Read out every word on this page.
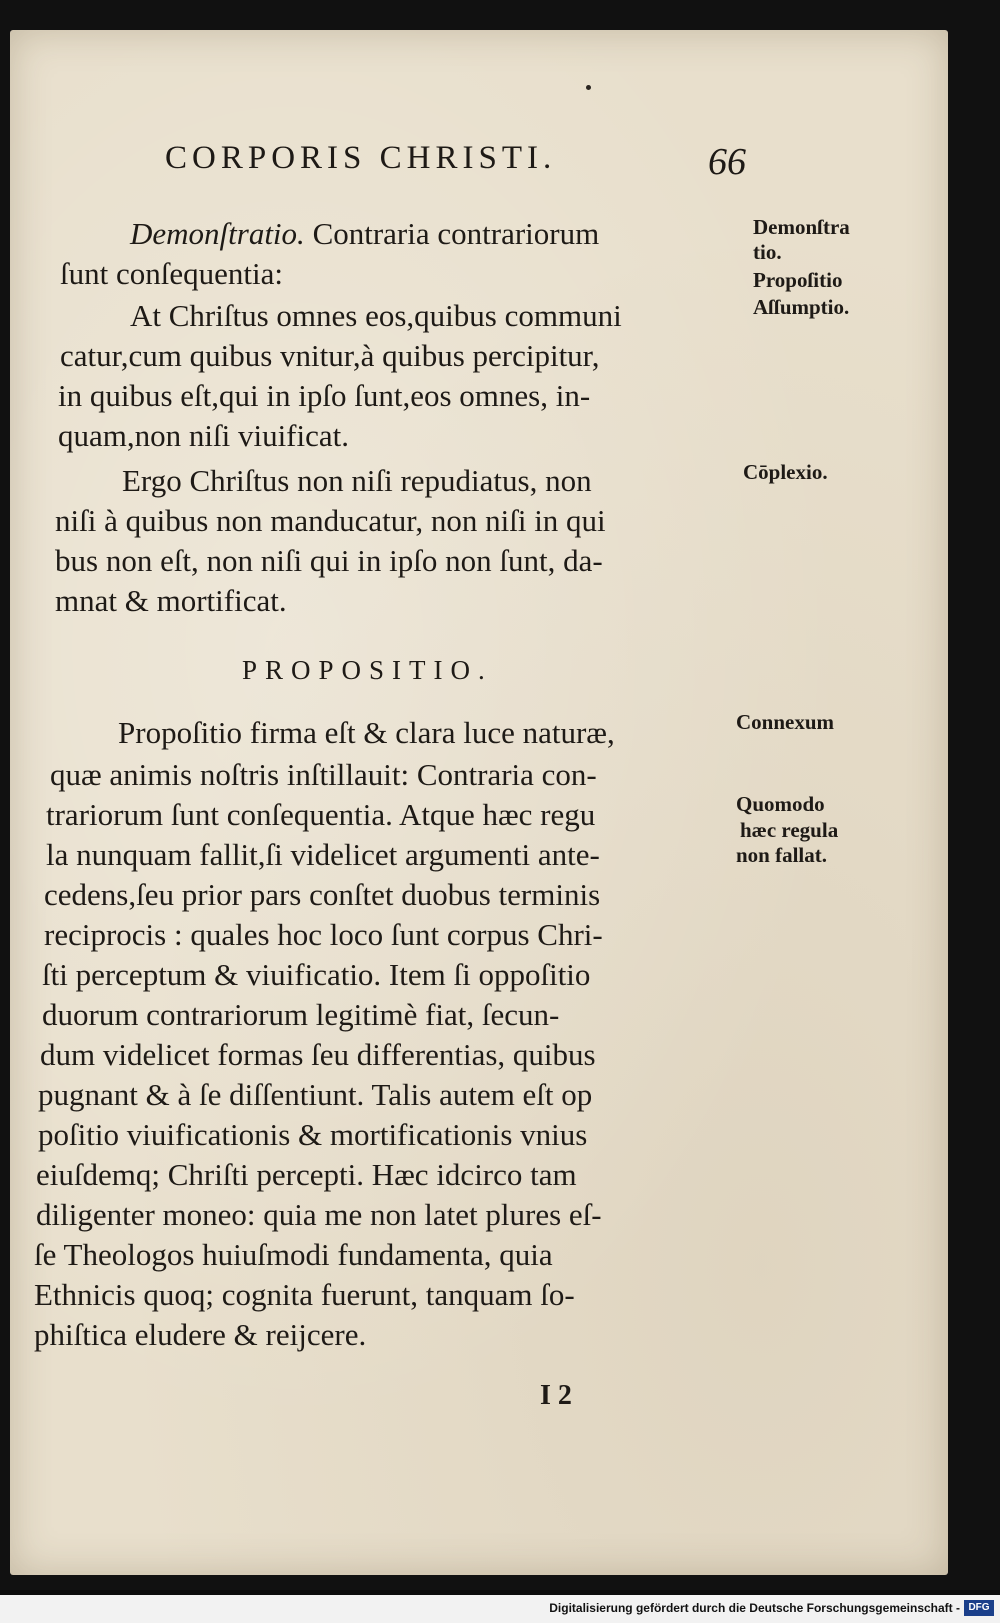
CORPORIS CHRISTI.	66
Demonſtratio. Contraria contrariorum
ſunt conſequentia:
At Chriſtus omnes eos,quibus communi
catur,cum quibus vnitur,à quibus percipitur,
in quibus eſt,qui in ipſo ſunt,eos omnes, in-
quam,non niſi viuificat.
Ergo Chriſtus non niſi repudiatus, non
niſi à quibus non manducatur, non niſi in qui
bus non eſt, non niſi qui in ipſo non ſunt, da-
mnat & mortificat.
PROPOSITIO.
Propoſitio firma eſt & clara luce naturæ,
quæ animis noſtris inſtillauit: Contraria con-
trariorum ſunt conſequentia. Atque hæc regu
la nunquam fallit,ſi videlicet argumenti ante-
cedens,ſeu prior pars conſtet duobus terminis
reciprocis : quales hoc loco ſunt corpus Chri-
ſti perceptum & viuificatio. Item ſi oppoſitio
duorum contrariorum legitimè fiat, ſecun-
dum videlicet formas ſeu differentias, quibus
pugnant & à ſe diſſentiunt. Talis autem eſt op
poſitio viuificationis & mortificationis vnius
eiuſdemq; Chriſti percepti. Hæc idcirco tam
diligenter moneo: quia me non latet plures eſ-
ſe Theologos huiuſmodi fundamenta, quia
Ethnicis quoq; cognita fuerunt, tanquam ſo-
phiſtica eludere & reijcere.
Demonſtra
tio.
Propoſitio
Aſſumptio.
Cōplexio.
Connexum
Quomodo
hæc regula
non fallat.
I 2
Digitalisierung gefördert durch die Deutsche Forschungsgemeinschaft - DFG
